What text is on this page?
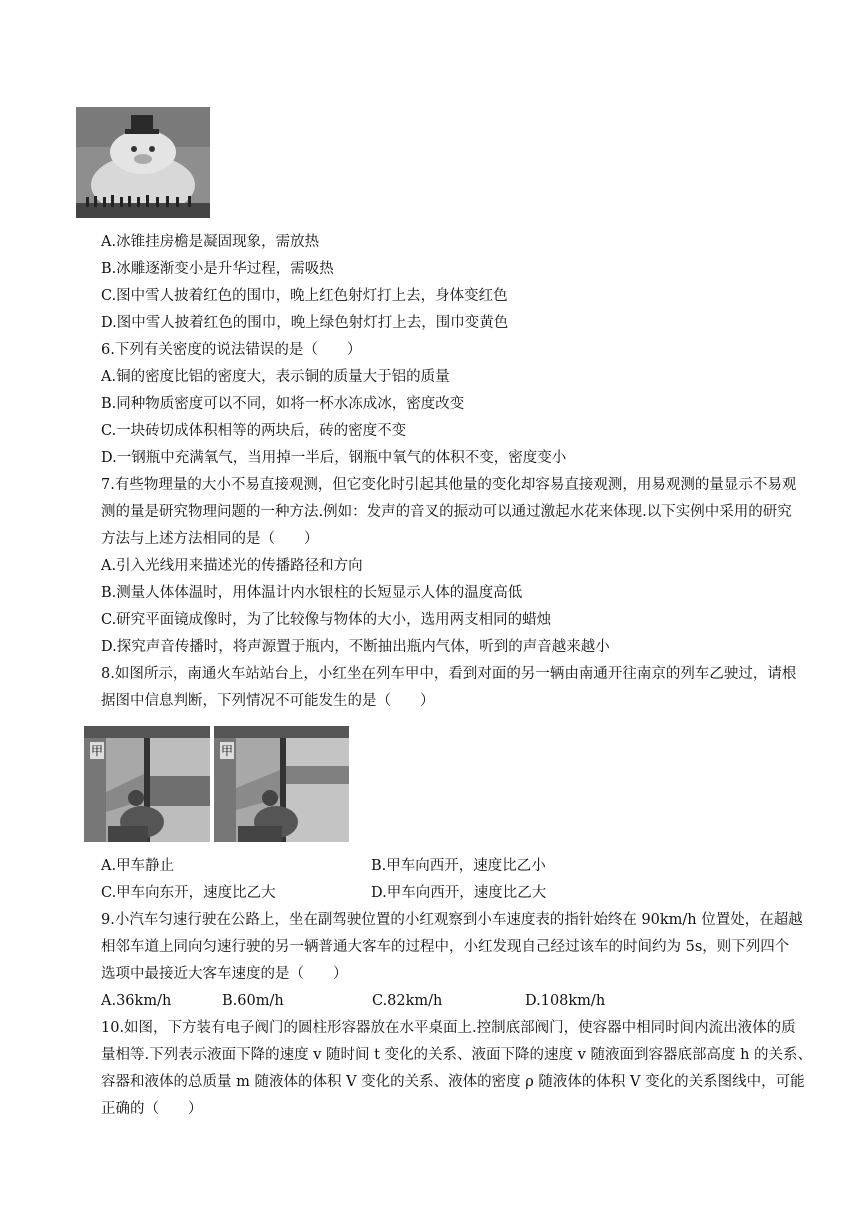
A.冰锥挂房檐是凝固现象，需放热
B.冰雕逐渐变小是升华过程，需吸热
C.图中雪人披着红色的围巾，晚上红色射灯打上去，身体变红色
D.图中雪人披着红色的围巾，晚上绿色射灯打上去，围巾变黄色
6.下列有关密度的说法错误的是（　　）
A.铜的密度比铝的密度大，表示铜的质量大于铝的质量
B.同种物质密度可以不同，如将一杯水冻成冰，密度改变
C.一块砖切成体积相等的两块后，砖的密度不变
D.一钢瓶中充满氧气，当用掉一半后，钢瓶中氧气的体积不变，密度变小
7.有些物理量的大小不易直接观测，但它变化时引起其他量的变化却容易直接观测，用易观测的量显示不易观
测的量是研究物理问题的一种方法.例如：发声的音叉的振动可以通过激起水花来体现.以下实例中采用的研究
方法与上述方法相同的是（　　）
A.引入光线用来描述光的传播路径和方向
B.测量人体体温时，用体温计内水银柱的长短显示人体的温度高低
C.研究平面镜成像时，为了比较像与物体的大小，选用两支相同的蜡烛
D.探究声音传播时，将声源置于瓶内，不断抽出瓶内气体，听到的声音越来越小
8.如图所示，南通火车站站台上，小红坐在列车甲中，看到对面的另一辆由南通开往南京的列车乙驶过，请根
据图中信息判断，下列情况不可能发生的是（　　）
甲	甲
A.甲车静止	B.甲车向西开，速度比乙小
C.甲车向东开，速度比乙大	D.甲车向西开，速度比乙大
9.小汽车匀速行驶在公路上，坐在副驾驶位置的小红观察到小车速度表的指针始终在 90km/h 位置处，在超越
相邻车道上同向匀速行驶的另一辆普通大客车的过程中，小红发现自己经过该车的时间约为 5s，则下列四个
选项中最接近大客车速度的是（　　）
A.36km/h	B.60m/h	C.82km/h	D.108km/h
10.如图，下方装有电子阀门的圆柱形容器放在水平桌面上.控制底部阀门，使容器中相同时间内流出液体的质
量相等.下列表示液面下降的速度 v 随时间 t 变化的关系、液面下降的速度 v 随液面到容器底部高度 h 的关系、
容器和液体的总质量 m 随液体的体积 V 变化的关系、液体的密度 ρ 随液体的体积 V 变化的关系图线中，可能
正确的（　　）
